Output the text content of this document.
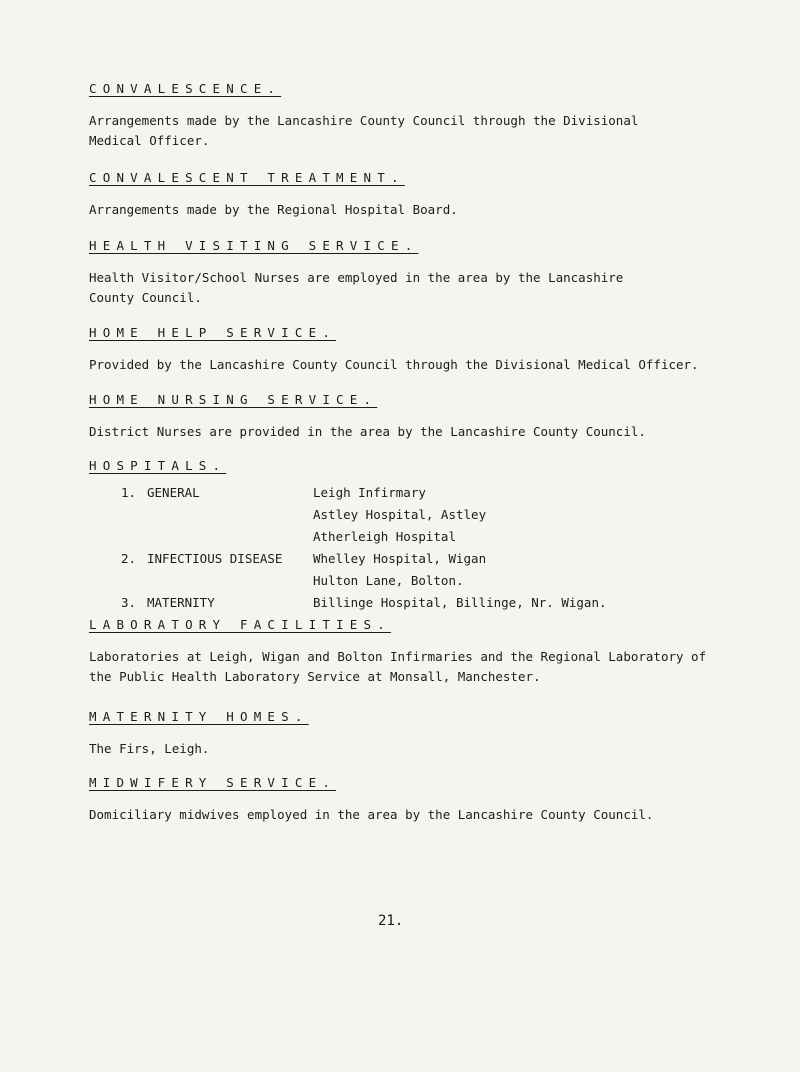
CONVALESCENCE.
Arrangements made by the Lancashire County Council through the Divisional
Medical Officer.
CONVALESCENT TREATMENT.
Arrangements made by the Regional Hospital Board.
HEALTH VISITING SERVICE.
Health Visitor/School Nurses are employed in the area by the Lancashire
County Council.
HOME HELP SERVICE.
Provided by the Lancashire County Council through the Divisional Medical Officer.
HOME NURSING SERVICE.
District Nurses are provided in the area by the Lancashire County Council.
HOSPITALS.
1. GENERAL	Leigh Infirmary
Astley Hospital, Astley
Atherleigh Hospital
2. INFECTIOUS DISEASE Whelley Hospital, Wigan
Hulton Lane, Bolton.
3. MATERNITY	Billinge Hospital, Billinge, Nr. Wigan.
LABORATORY FACILITIES.
Laboratories at Leigh, Wigan and Bolton Infirmaries and the Regional Laboratory of
the Public Health Laboratory Service at Monsall, Manchester.
MATERNITY HOMES.
The Firs, Leigh.
MIDWIFERY SERVICE.
Domiciliary midwives employed in the area by the Lancashire County Council.
21.
